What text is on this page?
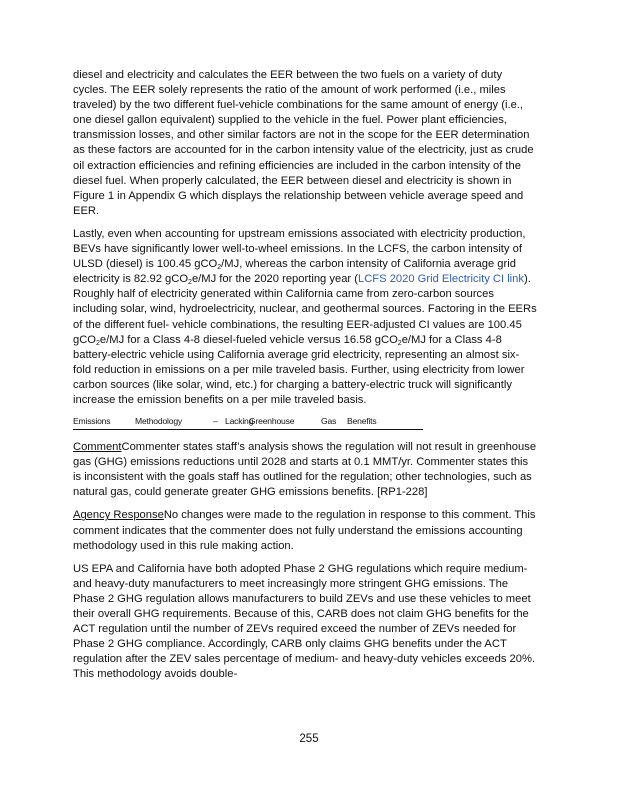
diesel and electricity and calculates the EER between the two fuels on a variety of duty cycles. The EER solely represents the ratio of the amount of work performed (i.e., miles traveled) by the two different fuel-vehicle combinations for the same amount of energy (i.e., one diesel gallon equivalent) supplied to the vehicle in the fuel. Power plant efficiencies, transmission losses, and other similar factors are not in the scope for the EER determination as these factors are accounted for in the carbon intensity value of the electricity, just as crude oil extraction efficiencies and refining efficiencies are included in the carbon intensity of the diesel fuel. When properly calculated, the EER between diesel and electricity is shown in Figure 1 in Appendix G which displays the relationship between vehicle average speed and EER.

Lastly, even when accounting for upstream emissions associated with electricity production, BEVs have significantly lower well-to-wheel emissions. In the LCFS, the carbon intensity of ULSD (diesel) is 100.45 gCO$_2$/MJ, whereas the carbon intensity of California average grid electricity is 82.92 gCO$_2$e/MJ for the 2020 reporting year (LCFS 2020 Grid Electricity CI link). Roughly half of electricity generated within California came from zero-carbon sources including solar, wind, hydroelectricity, nuclear, and geothermal sources. Factoring in the EERs of the different fuel- vehicle combinations, the resulting EER-adjusted CI values are 100.45 gCO$_2$e/MJ for a Class 4-8 diesel-fueled vehicle versus 16.58 gCO$_2$e/MJ for a Class 4-8 battery-electric vehicle using California average grid electricity, representing an almost six-fold reduction in emissions on a per mile traveled basis. Further, using electricity from lower carbon sources (like solar, wind, etc.) for charging a battery-electric truck will significantly increase the emission benefits on a per mile traveled basis.

Emissions	Methodology	– Lacking
Greenhouse	Gas	Benefits

CommentCommenter states staff’s analysis shows the regulation will not result in greenhouse gas (GHG) emissions reductions until 2028 and starts at 0.1 MMT/yr. Commenter states this is inconsistent with the goals staff has outlined for the regulation; other technologies, such as natural gas, could generate greater GHG emissions benefits. [RP1-228]

Agency ResponseNo changes were made to the regulation in response to this comment. This comment indicates that the commenter does not fully understand the emissions accounting methodology used in this rule making action.

US EPA and California have both adopted Phase 2 GHG regulations which require medium- and heavy-duty manufacturers to meet increasingly more stringent GHG emissions. The Phase 2 GHG regulation allows manufacturers to build ZEVs and use these vehicles to meet their overall GHG requirements. Because of this, CARB does not claim GHG benefits for the ACT regulation until the number of ZEVs required exceed the number of ZEVs needed for Phase 2 GHG compliance. Accordingly, CARB only claims GHG benefits under the ACT regulation after the ZEV sales percentage of medium- and heavy-duty vehicles exceeds 20%. This methodology avoids double-

255
